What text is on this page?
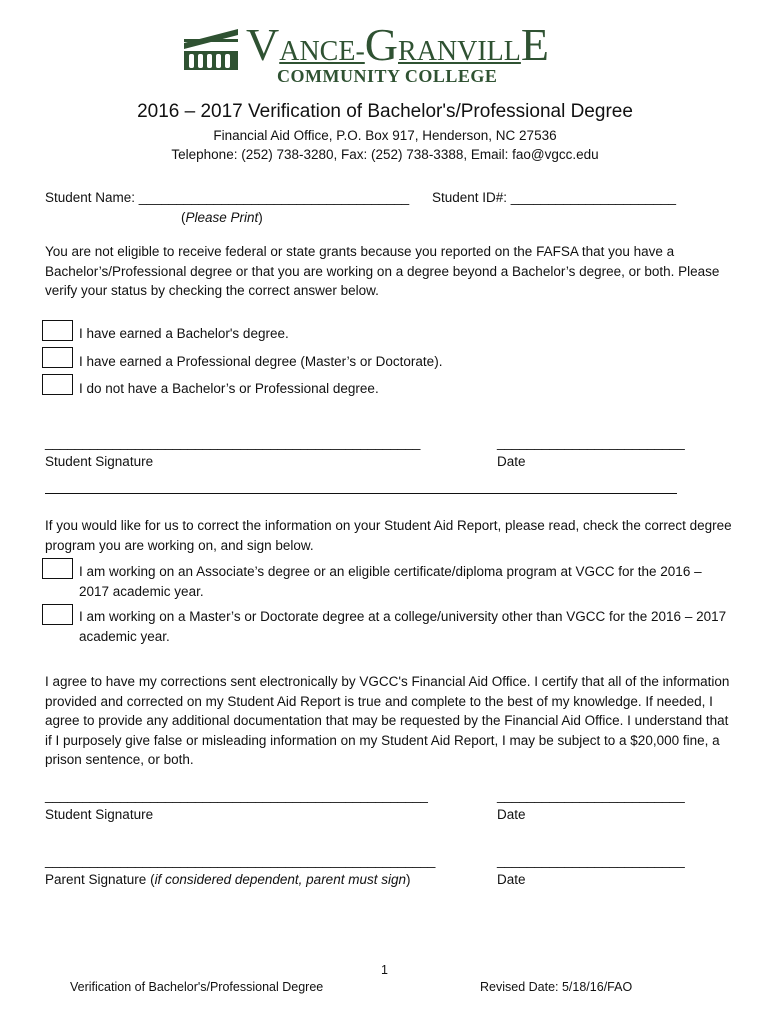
VANCE-GRANVILLE
COMMUNITY COLLEGE
2016 – 2017 Verification of Bachelor's/Professional Degree
Financial Aid Office, P.O. Box 917, Henderson, NC 27536
Telephone: (252) 738-3280, Fax: (252) 738-3388, Email: fao@vgcc.edu
Student Name: ____________________________________ Student ID#: ______________________
(Please Print)
You are not eligible to receive federal or state grants because you reported on the FAFSA that you have a Bachelor’s/Professional degree or that you are working on a degree beyond a Bachelor’s degree, or both. Please verify your status by checking the correct answer below.
I have earned a Bachelor's degree.
I have earned a Professional degree (Master’s or Doctorate).
I do not have a Bachelor’s or Professional degree.
__________________________________________________	_________________________
Student Signature	Date
If you would like for us to correct the information on your Student Aid Report, please read, check the correct degree program you are working on, and sign below.
I am working on an Associate’s degree or an eligible certificate/diploma program at VGCC for the 2016 – 2017 academic year.
I am working on a Master’s or Doctorate degree at a college/university other than VGCC for the 2016 – 2017 academic year.
I agree to have my corrections sent electronically by VGCC's Financial Aid Office. I certify that all of the information provided and corrected on my Student Aid Report is true and complete to the best of my knowledge. If needed, I agree to provide any additional documentation that may be requested by the Financial Aid Office. I understand that if I purposely give false or misleading information on my Student Aid Report, I may be subject to a $20,000 fine, a prison sentence, or both.
___________________________________________________	_________________________
Student Signature	Date
____________________________________________________	_________________________
Parent Signature (if considered dependent, parent must sign)	Date
1
Verification of Bachelor's/Professional Degree	Revised Date: 5/18/16/FAO
